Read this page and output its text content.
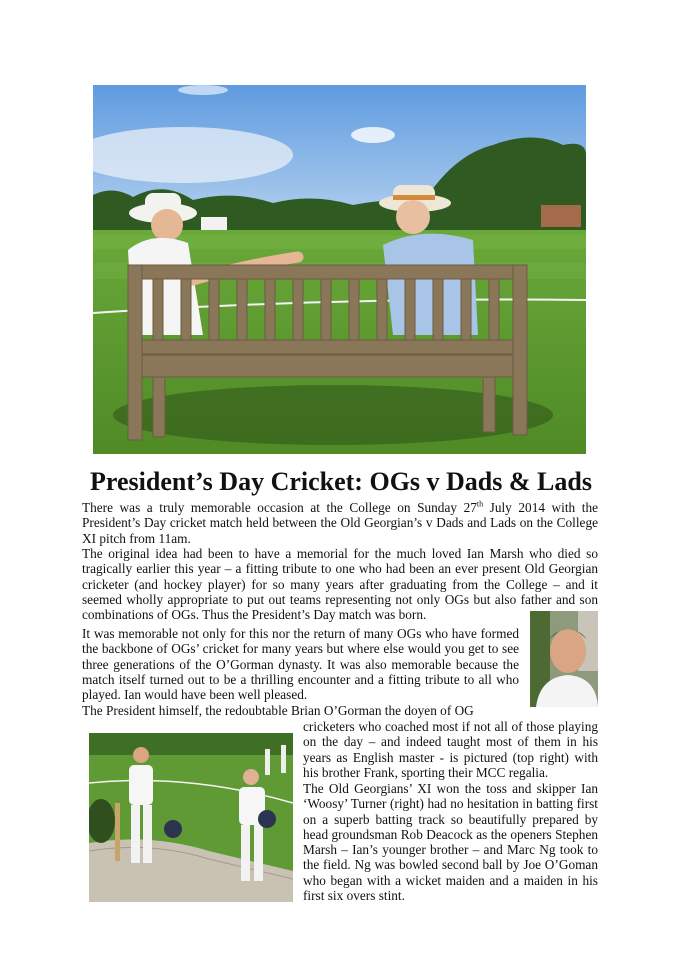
President’s Day Cricket: OGs v Dads & Lads

There was a truly memorable occasion at the College on Sunday 27th July 2014 with the President’s Day cricket match held between the Old Georgian’s v Dads and Lads on the College XI pitch from 11am.

The original idea had been to have a memorial for the much loved Ian Marsh who died so tragically earlier this year – a fitting tribute to one who had been an ever present Old Georgian cricketer (and hockey player) for so many years after graduating from the College – and it seemed wholly appropriate to put out teams representing not only OGs but also father and son combinations of OGs. Thus the President’s Day match was born.

It was memorable not only for this nor the return of many OGs who have formed the backbone of OGs’ cricket for many years but where else would you get to see three generations of the O’Gorman dynasty. It was also memorable because the match itself turned out to be a thrilling encounter and a fitting tribute to all who played. Ian would have been well pleased.

The President himself, the redoubtable Brian O’Gorman the doyen of OG

cricketers who coached most if not all of those playing on the day – and indeed taught most of them in his years as English master - is pictured (top right) with his brother Frank, sporting their MCC regalia.

The Old Georgians’ XI won the toss and skipper Ian ‘Woosy’ Turner (right) had no hesitation in batting first on a superb batting track so beautifully prepared by head groundsman Rob Deacock as the openers Stephen Marsh – Ian’s younger brother – and Marc Ng took to the field. Ng was bowled second ball by Joe O’Goman who began with a wicket maiden and a maiden in his first six overs stint.
